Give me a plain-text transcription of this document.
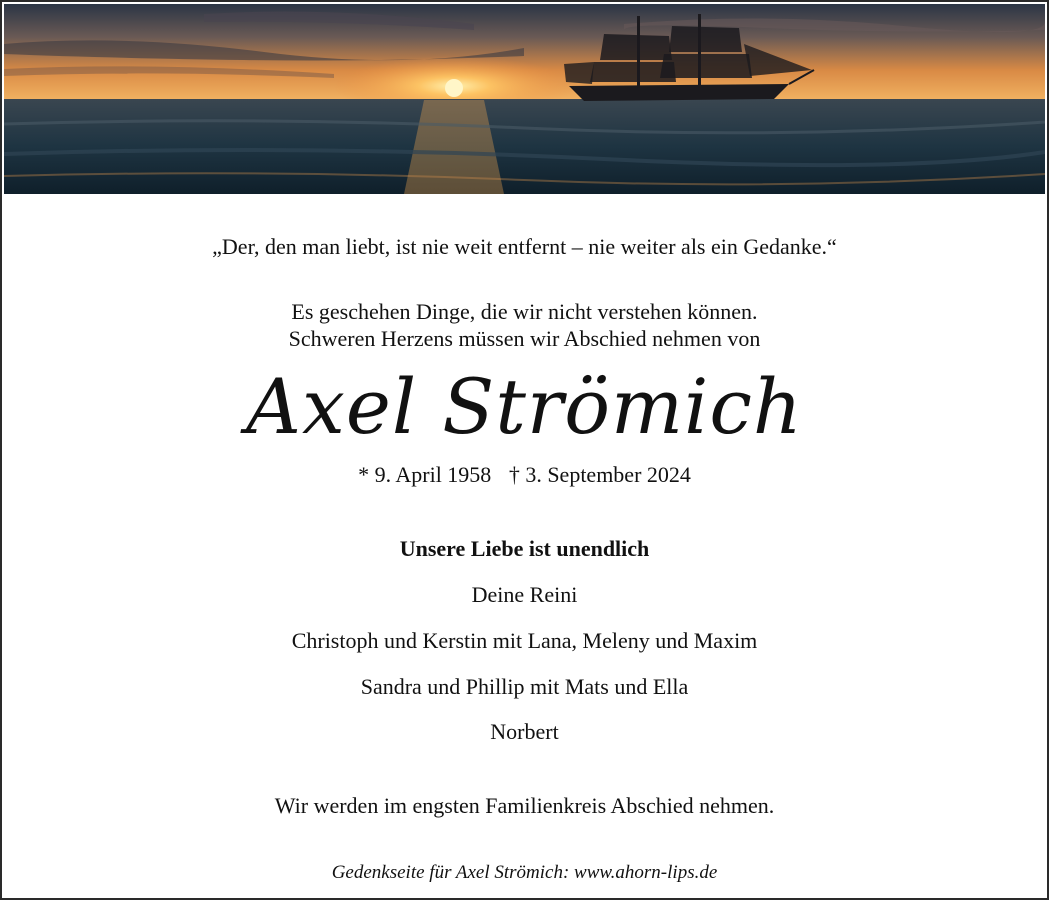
„Der, den man liebt, ist nie weit entfernt – nie weiter als ein Gedanke.“
Es geschehen Dinge, die wir nicht verstehen können.
Schweren Herzens müssen wir Abschied nehmen von
Axel Strömich
* 9. April 1958 † 3. September 2024
Unsere Liebe ist unendlich
Deine Reini
Christoph und Kerstin mit Lana, Meleny und Maxim
Sandra und Phillip mit Mats und Ella
Norbert
Wir werden im engsten Familienkreis Abschied nehmen.
Gedenkseite für Axel Strömich: www.ahorn-lips.de
